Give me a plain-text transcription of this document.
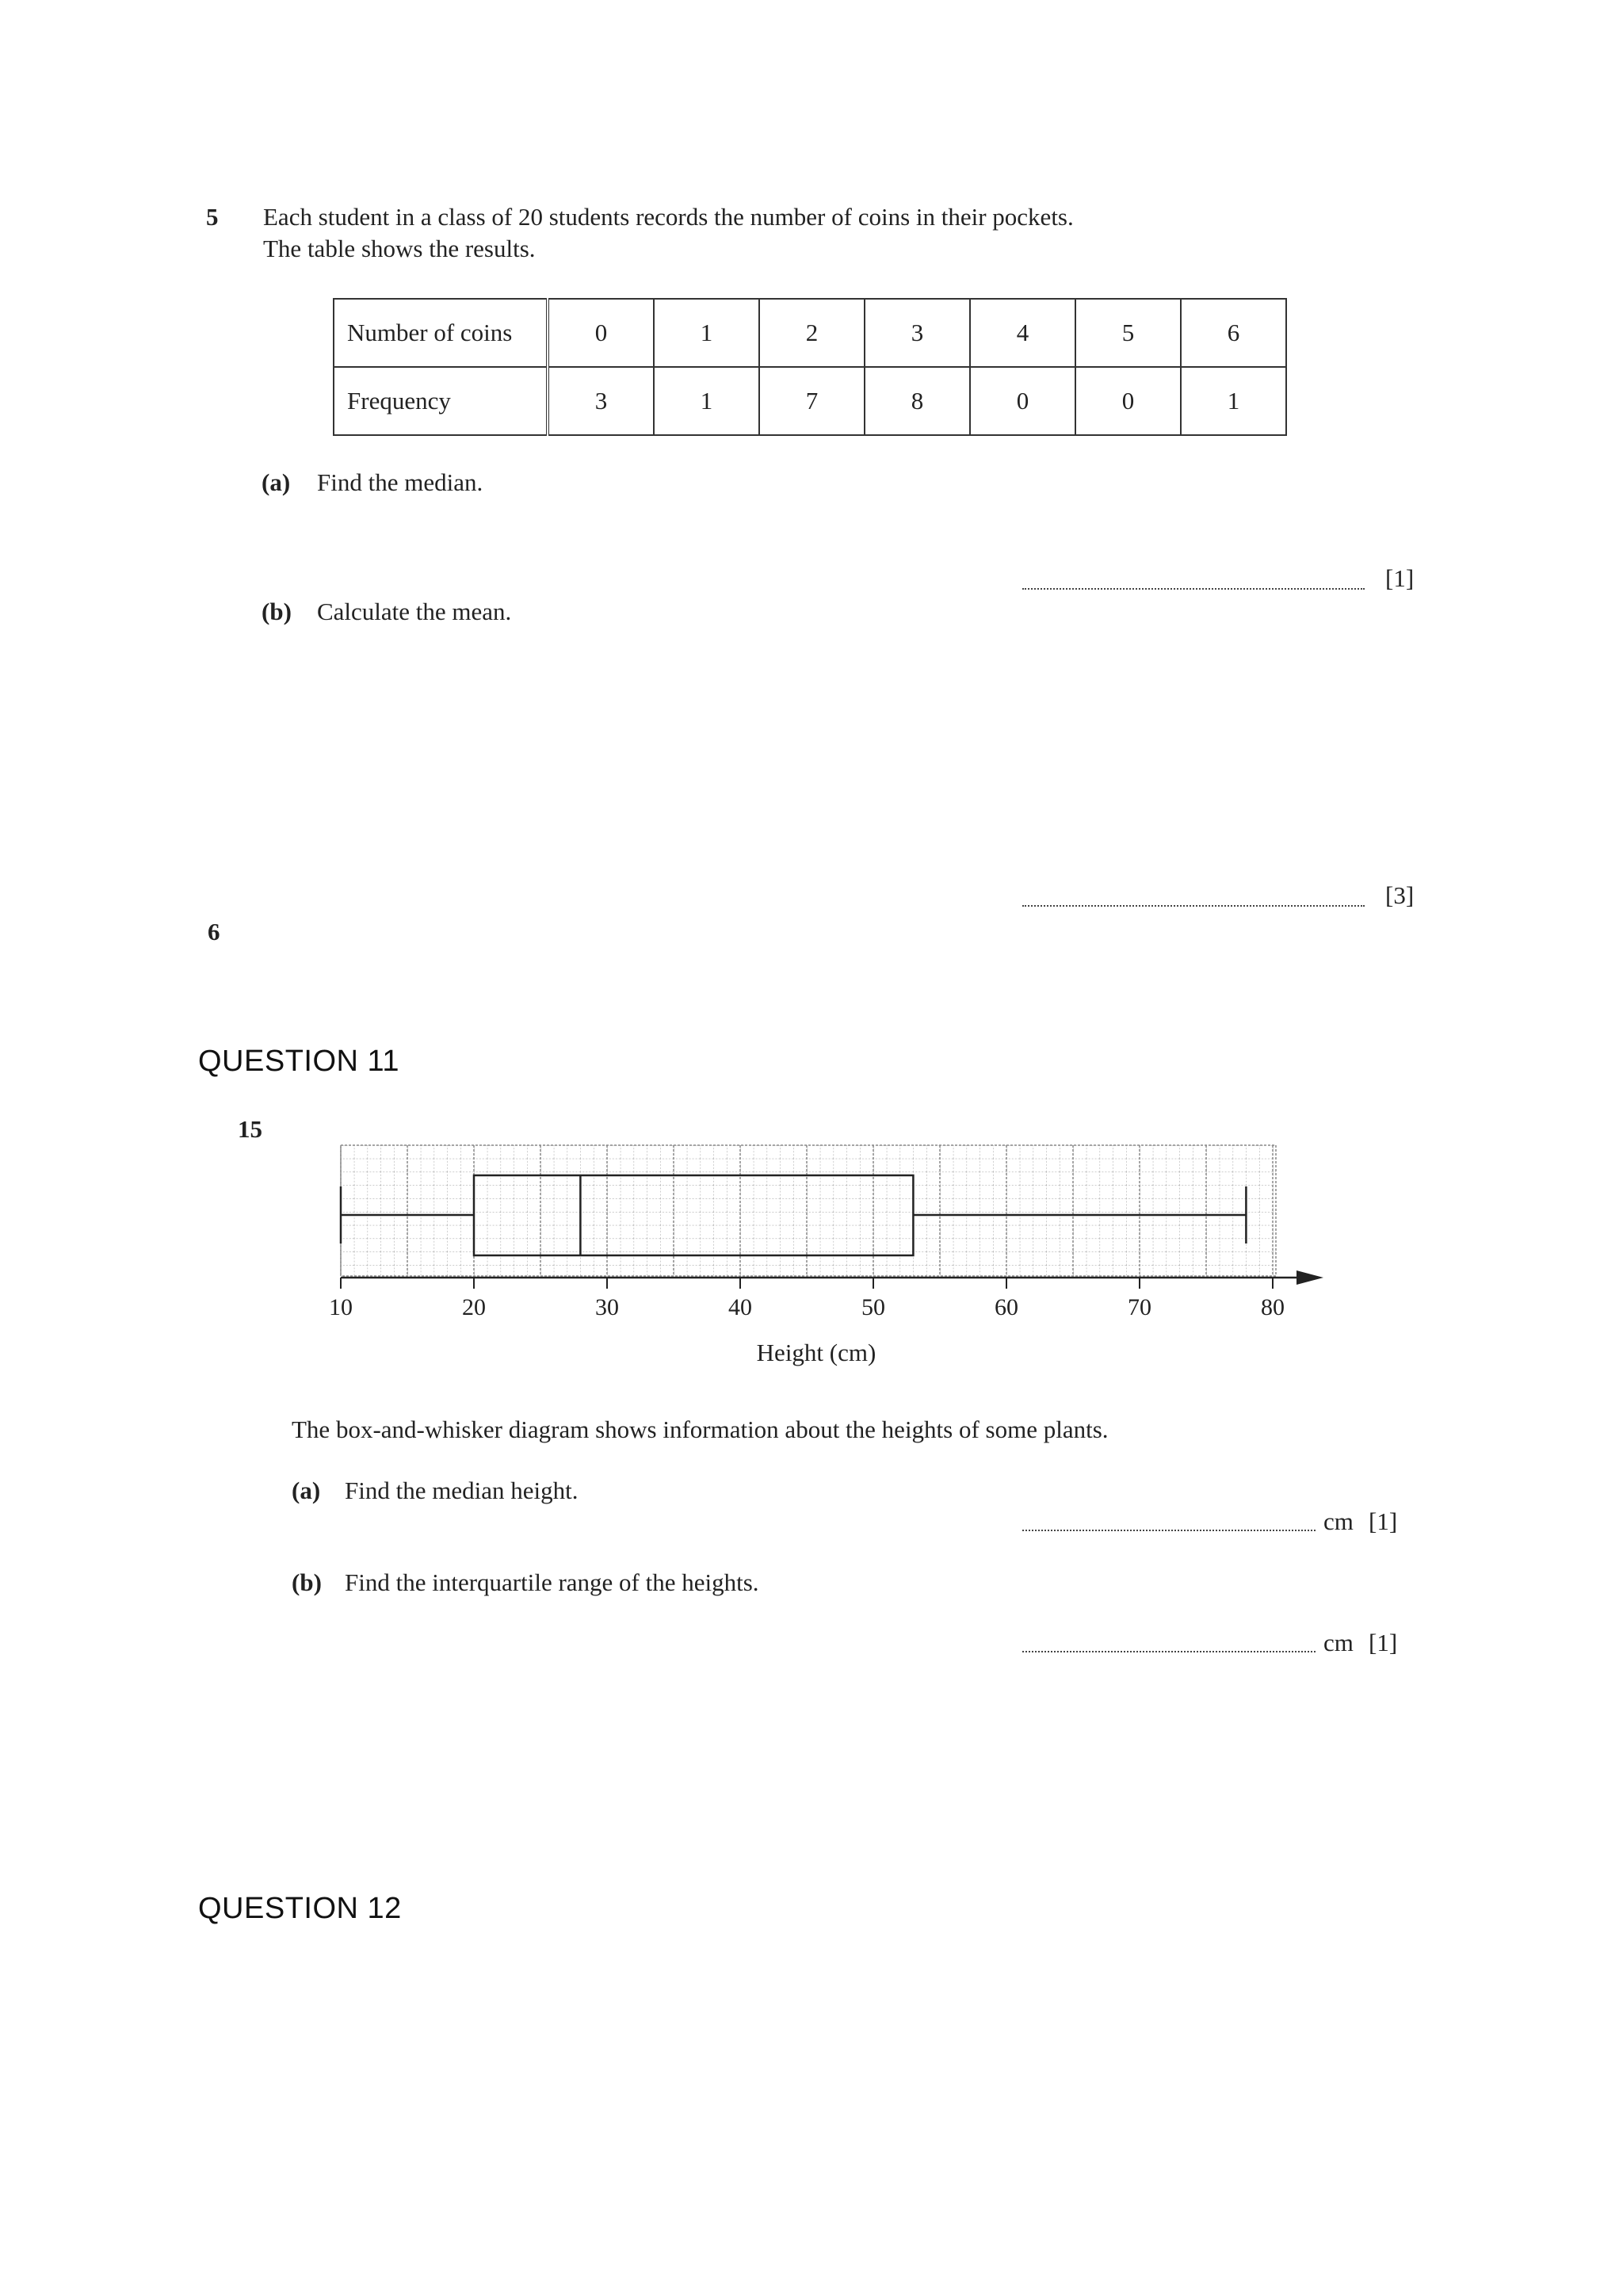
5 Each student in a class of 20 students records the number of coins in their pockets.
The table shows the results.
Number of coins	0	1	2	3	4	5	6
Frequency	3	1	7	8	0	0	1
(a) Find the median.
[1]
(b) Calculate the mean.
[3]
6
QUESTION 11
15
10	20	30	40	50	60	70	80
Height (cm)
The box-and-whisker diagram shows information about the heights of some plants.
(a) Find the median height.
cm [1]
(b) Find the interquartile range of the heights.
cm [1]
QUESTION 12
